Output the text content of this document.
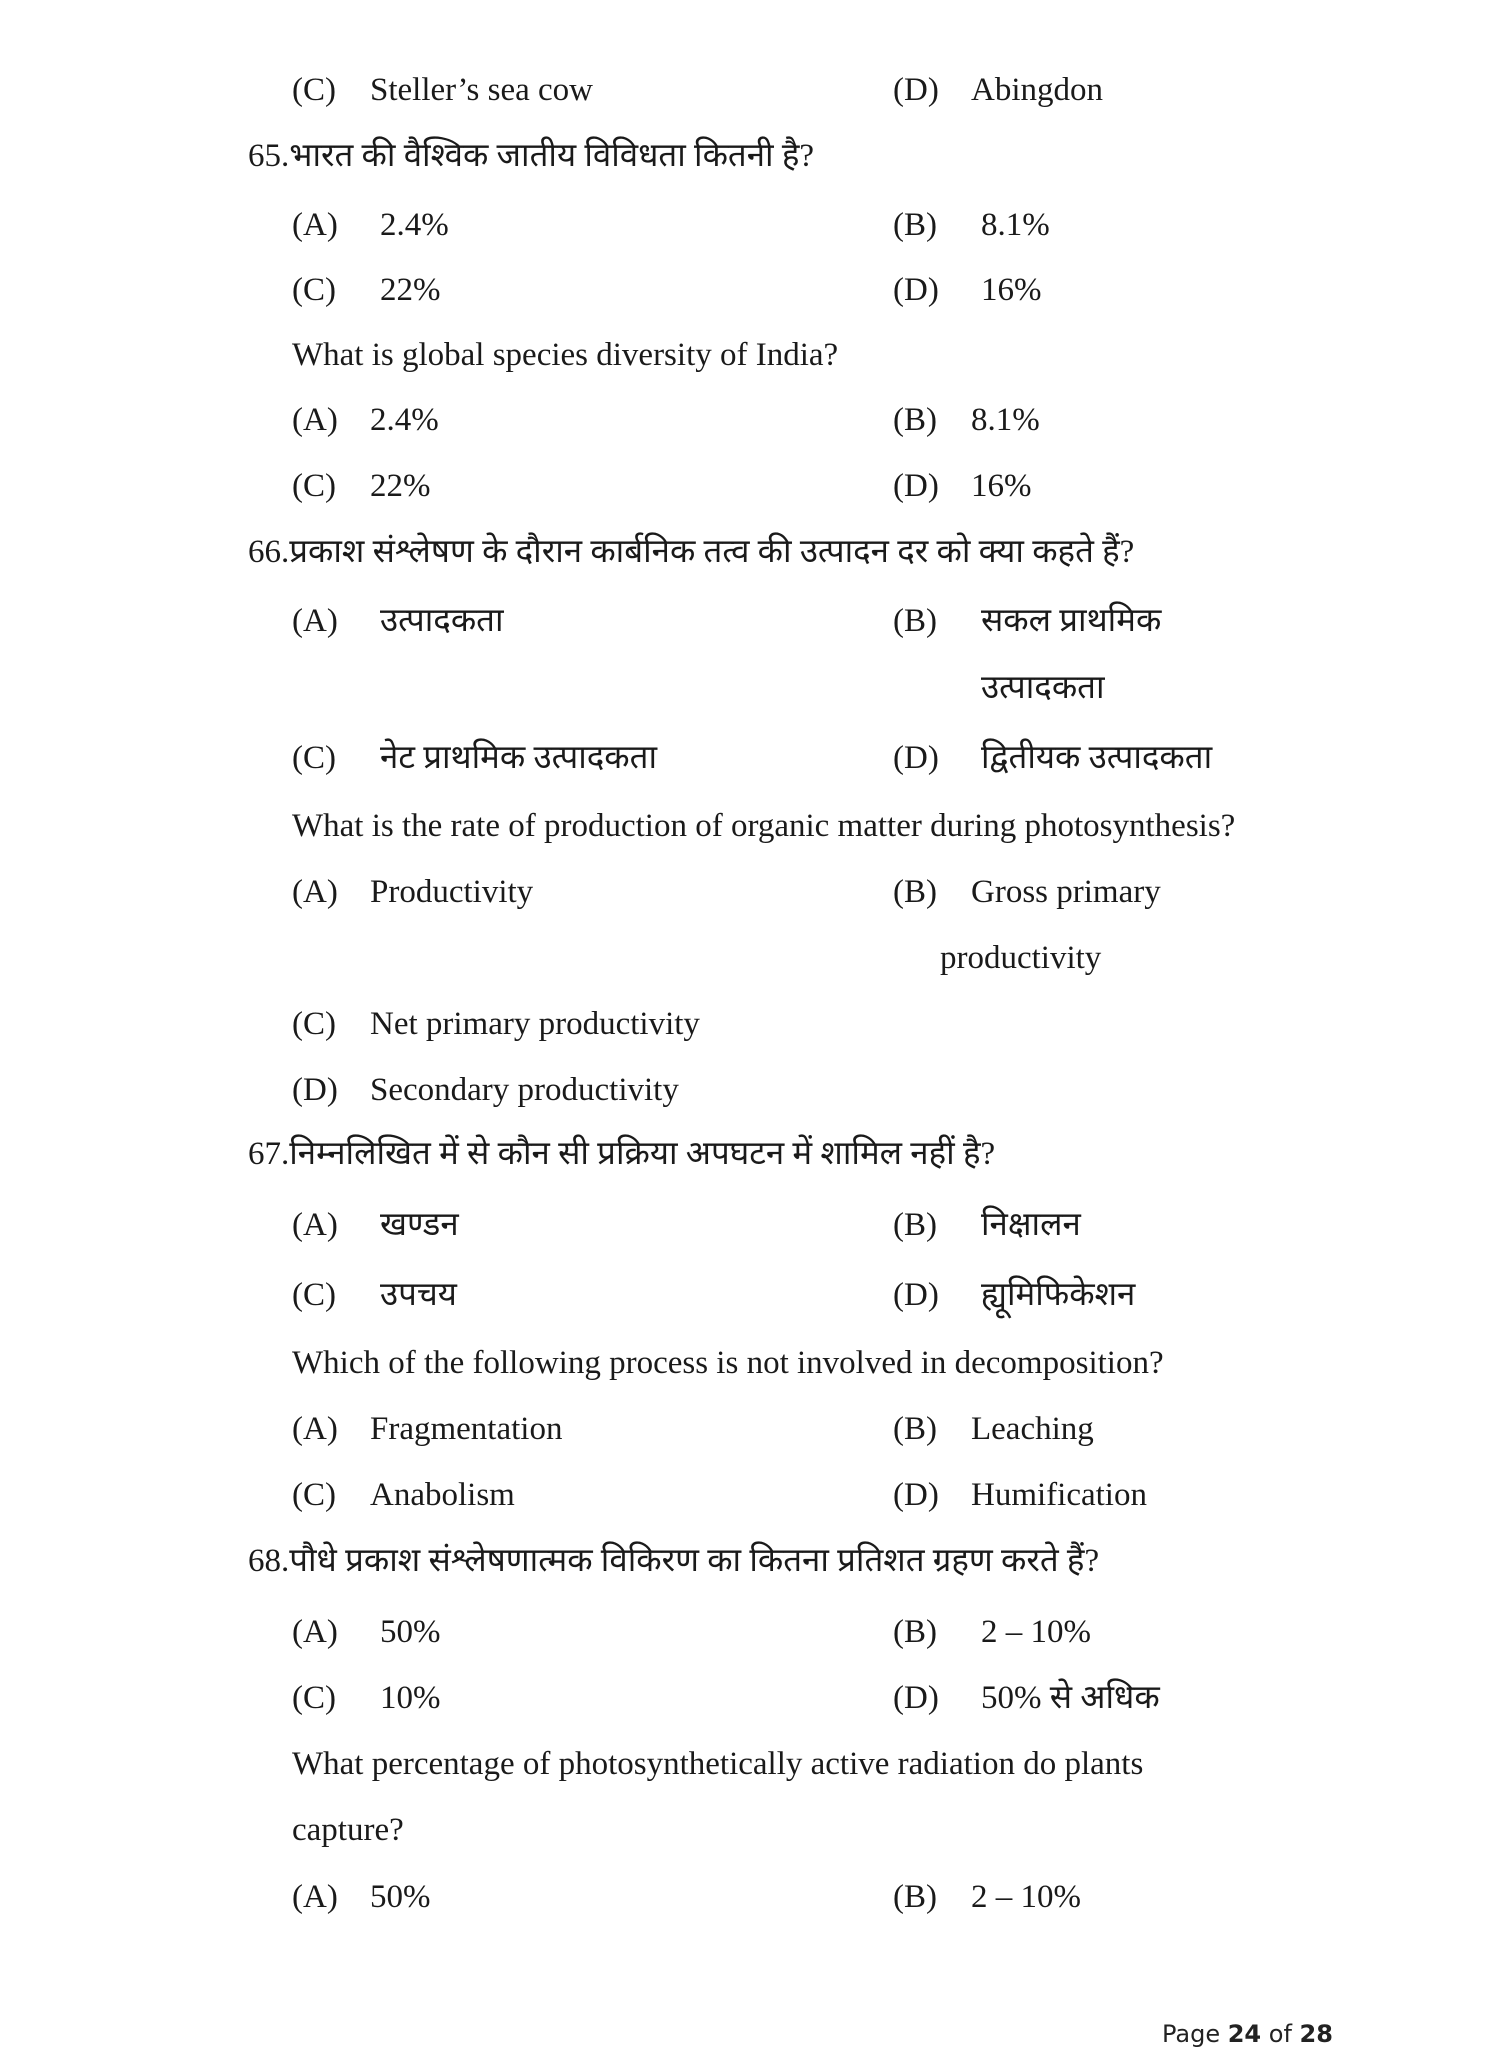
(C) Steller’s sea cow	(D) Abingdon
65.भारत की वैश्विक जातीय विविधता कितनी है?
(A) 2.4%	(B) 8.1%
(C) 22%	(D) 16%
What is global species diversity of India?
(A) 2.4%	(B) 8.1%
(C) 22%	(D) 16%
66.प्रकाश संश्लेषण के दौरान कार्बनिक तत्व की उत्पादन दर को क्या कहते हैं?
(A) उत्पादकता	(B) सकल प्राथमिक
उत्पादकता
(C) नेट प्राथमिक उत्पादकता	(D) द्वितीयक उत्पादकता
What is the rate of production of organic matter during photosynthesis?
(A) Productivity	(B) Gross primary
productivity
(C) Net primary productivity
(D) Secondary productivity
67.निम्नलिखित में से कौन सी प्रक्रिया अपघटन में शामिल नहीं है?
(A) खण्डन	(B) निक्षालन
(C) उपचय	(D) ह्यूमिफिकेशन
Which of the following process is not involved in decomposition?
(A) Fragmentation	(B) Leaching
(C) Anabolism	(D) Humification
68.पौधे प्रकाश संश्लेषणात्मक विकिरण का कितना प्रतिशत ग्रहण करते हैं?
(A) 50%	(B) 2 – 10%
(C) 10%	(D) 50% से अधिक
What percentage of photosynthetically active radiation do plants
capture?
(A) 50%	(B) 2 – 10%
Page 24 of 28
